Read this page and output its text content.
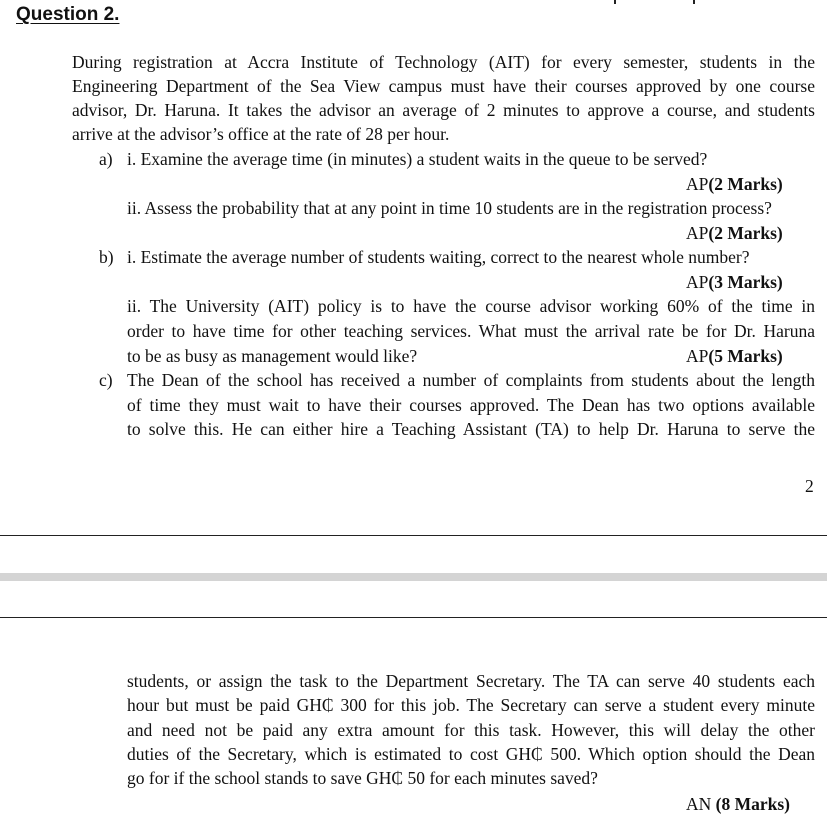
Question 2.
During registration at Accra Institute of Technology (AIT) for every semester, students in the
Engineering Department of the Sea View campus must have their courses approved by one course
advisor, Dr. Haruna. It takes the advisor an average of 2 minutes to approve a course, and students
arrive at the advisor’s office at the rate of 28 per hour.
a) i. Examine the average time (in minutes) a student waits in the queue to be served?
AP(2 Marks)
ii. Assess the probability that at any point in time 10 students are in the registration process?
AP(2 Marks)
b) i. Estimate the average number of students waiting, correct to the nearest whole number?
AP(3 Marks)
ii. The University (AIT) policy is to have the course advisor working 60% of the time in
order to have time for other teaching services. What must the arrival rate be for Dr. Haruna
to be as busy as management would like?	AP(5 Marks)
c) The Dean of the school has received a number of complaints from students about the length
of time they must wait to have their courses approved. The Dean has two options available
to solve this. He can either hire a Teaching Assistant (TA) to help Dr. Haruna to serve the
2
students, or assign the task to the Department Secretary. The TA can serve 40 students each
hour but must be paid GH₵ 300 for this job. The Secretary can serve a student every minute
and need not be paid any extra amount for this task. However, this will delay the other
duties of the Secretary, which is estimated to cost GH₵ 500. Which option should the Dean
go for if the school stands to save GH₵ 50 for each minutes saved?
AN (8 Marks)
